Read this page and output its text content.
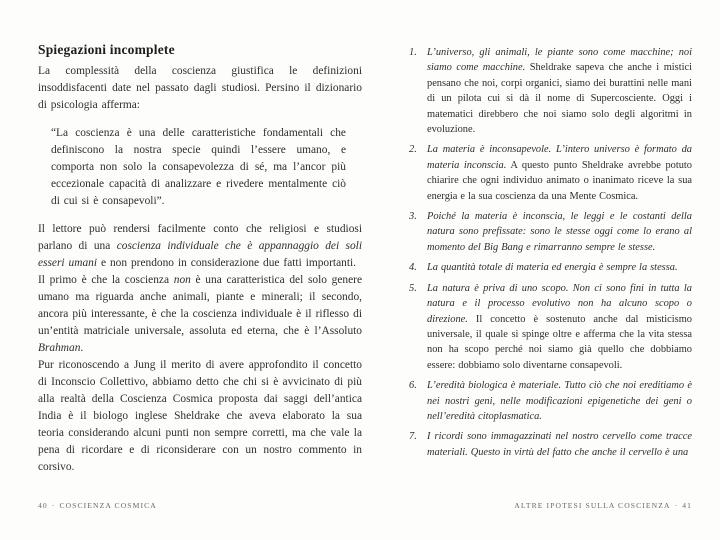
Spiegazioni incomplete

La complessità della coscienza giustifica le definizioni insoddisfacenti date nel passato dagli studiosi. Persino il dizionario di psicologia afferma:

“La coscienza è una delle caratteristiche fondamentali che definiscono la nostra specie quindi l’essere umano, e comporta non solo la consapevolezza di sé, ma l’ancor più eccezionale capacità di analizzare e rivedere mentalmente ciò di cui si è consapevoli”.

Il lettore può rendersi facilmente conto che religiosi e studiosi parlano di una coscienza individuale che è appannaggio dei soli esseri umani e non prendono in considerazione due fatti importanti.

Il primo è che la coscienza non è una caratteristica del solo genere umano ma riguarda anche animali, piante e minerali; il secondo, ancora più interessante, è che la coscienza individuale è il riflesso di un’entità matriciale universale, assoluta ed eterna, che è l’Assoluto Brahman.

Pur riconoscendo a Jung il merito di avere approfondito il concetto di Inconscio Collettivo, abbiamo detto che chi si è avvicinato di più alla realtà della Coscienza Cosmica proposta dai saggi dell’antica India è il biologo inglese Sheldrake che aveva elaborato la sua teoria considerando alcuni punti non sempre corretti, ma che vale la pena di ricordare e di riconsiderare con un nostro commento in corsivo.

1. L’universo, gli animali, le piante sono come macchine; noi siamo come macchine. Sheldrake sapeva che anche i mistici pensano che noi, corpi organici, siamo dei burattini nelle mani di un pilota cui si dà il nome di Supercosciente. Oggi i matematici direbbero che noi siamo solo degli algoritmi in evoluzione.
2. La materia è inconsapevole. L’intero universo è formato da materia inconscia. A questo punto Sheldrake avrebbe potuto chiarire che ogni individuo animato o inanimato riceve la sua energia e la sua coscienza da una Mente Cosmica.
3. Poiché la materia è inconscia, le leggi e le costanti della natura sono prefissate: sono le stesse oggi come lo erano al momento del Big Bang e rimarranno sempre le stesse.
4. La quantità totale di materia ed energia è sempre la stessa.
5. La natura è priva di uno scopo. Non ci sono fini in tutta la natura e il processo evolutivo non ha alcuno scopo o direzione. Il concetto è sostenuto anche dal misticismo universale, il quale si spinge oltre e afferma che la vita stessa non ha scopo perché noi siamo già quello che dobbiamo essere: dobbiamo solo diventarne consapevoli.
6. L’eredità biologica è materiale. Tutto ciò che noi ereditiamo è nei nostri geni, nelle modificazioni epigenetiche dei geni o nell’eredità citoplasmatica.
7. I ricordi sono immagazzinati nel nostro cervello come tracce materiali. Questo in virtù del fatto che anche il cervello è una
40 · COSCIENZA COSMICA	ALTRE IPOTESI SULLA COSCIENZA · 41
